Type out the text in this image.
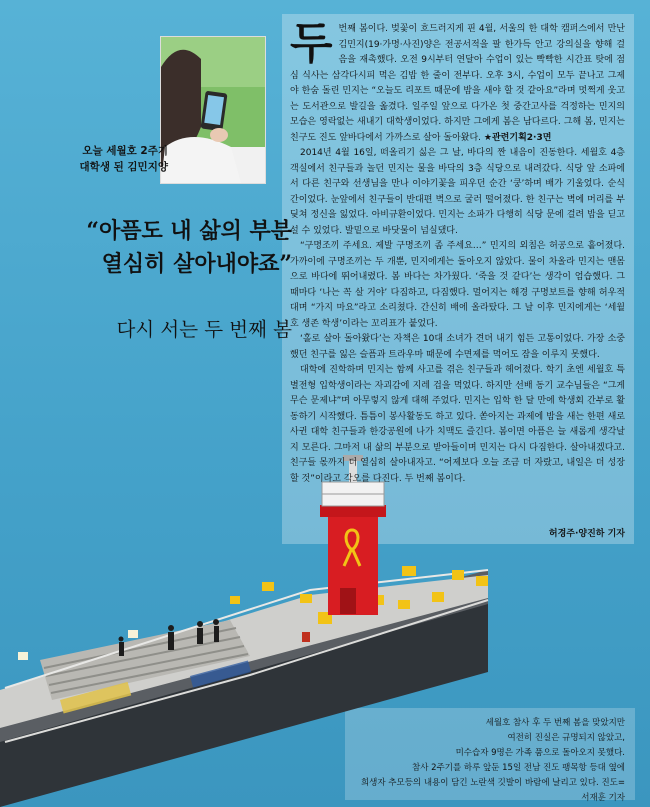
오늘 세월호 2주기
대학생 된 김민지양
“아픔도 내 삶의 부분
열심히 살아내야죠”
다시 서는 두 번째 봄

두번째 봄이다. 벚꽃이 흐드러지게 핀 4월, 서울의 한 대학 캠퍼스에서 만난 김민지(19·가명·사진)양은 전공서적을 팔 한가득 안고 강의실을 향해 걸음을 재촉했다. 오전 9시부터 연달아 수업이 있는 빡빡한 시간표 탓에 점심 식사는 삼각다시피 먹은 김밥 한 줄이 전부다. 오후 3시, 수업이 모두 끝나고 그제야 한숨 돌린 민지는 “오늘도 리포트 때문에 밤을 새야 할 것 같아요”라며 멋쩍게 웃고는 도서관으로 발길을 옮겼다. 일주일 앞으로 다가온 첫 중간고사를 걱정하는 민지의 모습은 영락없는 새내기 대학생이었다. 하지만 그에게 봄은 남다르다. 그해 봄, 민지는 친구도 진도 앞바다에서 가까스로 살아 돌아왔다. ★관련기획2·3면

2014년 4월 16일, 떠올리기 싫은 그 날, 바다의 짠 내음이 진동한다. 세월호 4층 객실에서 친구들과 놀던 민지는 물을 바닥의 3층 식당으로 내려갔다. 식당 앞 소파에서 다른 친구와 선생님을 만나 이야기꽃을 피우던 순간 ‘쿵’하며 배가 기울었다. 순식간이었다. 눈앞에서 친구들이 반대편 벽으로 굴러 떨어졌다. 한 친구는 벽에 머리를 부딪쳐 정신을 잃었다. 아비규환이었다. 민지는 소파가 다행히 식당 문에 걸려 밥을 딛고 설 수 있었다. 발밑으로 바닷물이 넘실댔다.

“구명조끼 주세요. 제발 구명조끼 좀 주세요…” 민지의 외침은 허공으로 흩어졌다. 가까이에 구명조끼는 두 개뿐, 민지에게는 돌아오지 않았다. 물이 차올라 민지는 맨몸으로 바다에 뛰어내렸다. 봄 바다는 차가웠다. ‘죽을 것 같다’는 생각이 엄습했다. 그 때마다 ‘나는 꼭 살 거야’ 다짐하고, 다짐했다. 멀어지는 해경 구명보트를 향해 허우적대며 “가지 마요”라고 소리쳤다. 간신히 배에 올라탔다. 그 날 이후 민지에게는 ‘세월호 생존 학생’이라는 꼬리표가 붙었다.

‘홀로 살아 돌아왔다’는 자책은 10대 소녀가 견뎌 내기 힘든 고통이었다. 가장 소중했던 친구를 잃은 슬픔과 트라우마 때문에 수면제를 먹어도 잠을 이루지 못했다.

대학에 진학하며 민지는 함께 사고를 겪은 친구들과 헤어졌다. 학기 초엔 세월호 특별전형 입학생이라는 자괴감에 지레 겁을 먹었다. 하지만 선배 동기 교수님들은 “그게 무슨 문제냐”며 아무렇지 않게 대해 주었다. 민지는 입학 한 달 만에 학생회 간부로 활동하기 시작했다. 틈틈이 봉사활동도 하고 있다. 쏟아지는 과제에 밤을 새는 한편 새로 사귄 대학 친구들과 한강공원에 나가 치맥도 즐긴다. 봄이면 아픔은 늘 새롭게 생각날지 모른다. 그마저 내 삶의 부분으로 받아들이며 민지는 다시 다짐한다. 살아내겠다고. 친구들 몫까지 더 열심히 살아내자고. “어제보다 오늘 조금 더 자랐고, 내일은 더 성장할 것”이라고 각오를 다진다. 두 번째 봄이다.

허경주·양진하 기자
세월호 참사 후 두 번째 봄을 맞았지만
여전히 진실은 규명되지 않았고,
미수습자 9명은 가족 품으로 돌아오지 못했다.
참사 2주기를 하루 앞둔 15일 전남 진도 팽목항 등대 옆에
희생자 추모등의 내용이 담긴 노란색 깃발이 바람에 날리고 있다. 진도=서재훈 기자
